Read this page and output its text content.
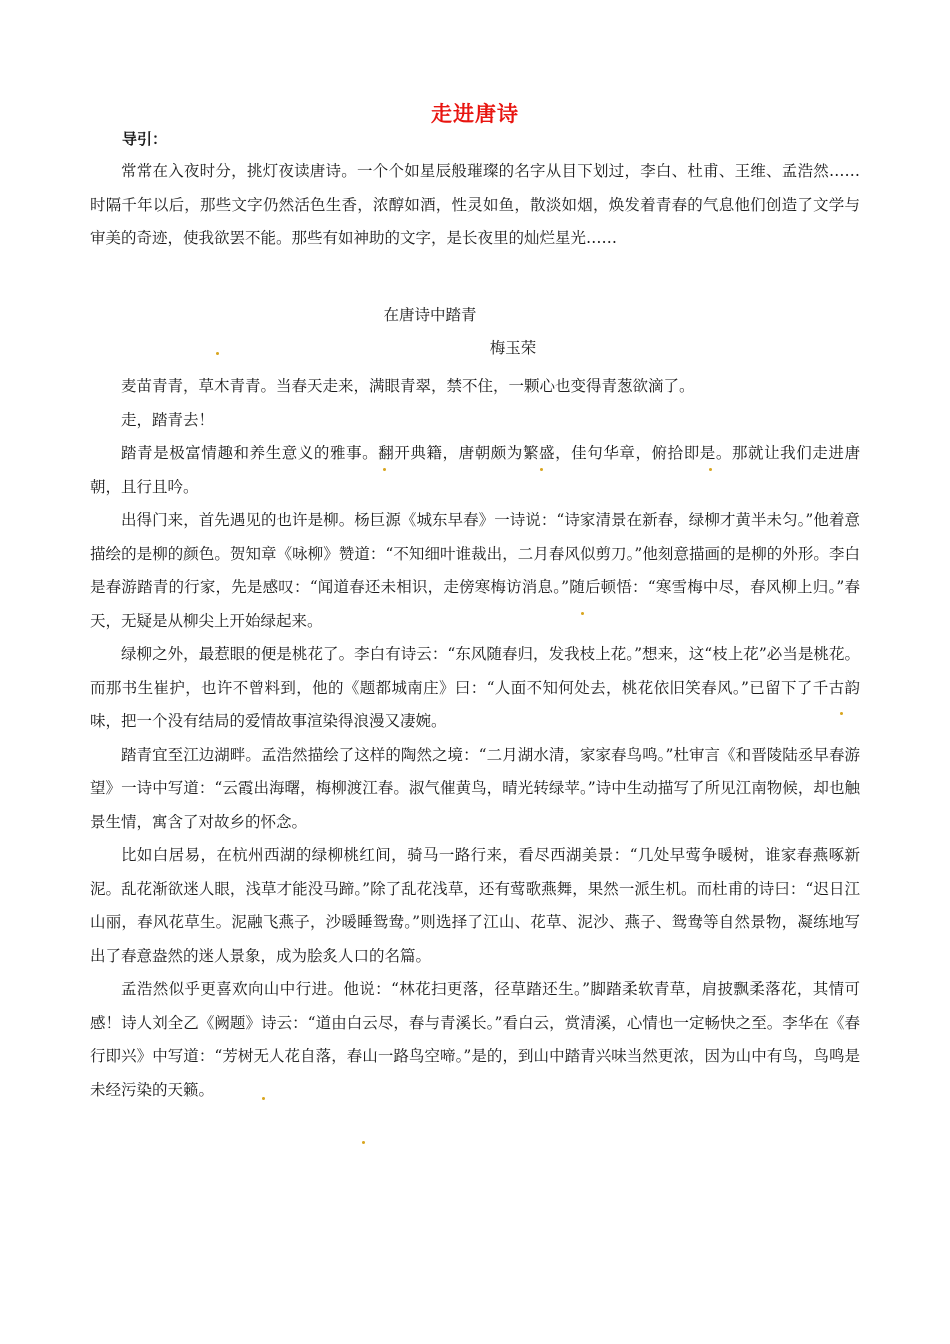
走进唐诗
导引：

常常在入夜时分，挑灯夜读唐诗。一个个如星辰般璀璨的名字从目下划过，李白、杜甫、王维、孟浩然……时隔千年以后，那些文字仍然活色生香，浓醇如酒，性灵如鱼，散淡如烟，焕发着青春的气息他们创造了文学与审美的奇迹，使我欲罢不能。那些有如神助的文字，是长夜里的灿烂星光……

在唐诗中踏青
梅玉荣

麦苗青青，草木青青。当春天走来，满眼青翠，禁不住，一颗心也变得青葱欲滴了。

走，踏青去！

踏青是极富情趣和养生意义的雅事。翻开典籍，唐朝颇为繁盛，佳句华章，俯拾即是。那就让我们走进唐朝，且行且吟。

出得门来，首先遇见的也许是柳。杨巨源《城东早春》一诗说：“诗家清景在新春，绿柳才黄半未匀。”他着意描绘的是柳的颜色。贺知章《咏柳》赞道：“不知细叶谁裁出，二月春风似剪刀。”他刻意描画的是柳的外形。李白是春游踏青的行家，先是感叹：“闻道春还未相识，走傍寒梅访消息。”随后顿悟：“寒雪梅中尽，春风柳上归。”春天，无疑是从柳尖上开始绿起来。

绿柳之外，最惹眼的便是桃花了。李白有诗云：“东风随春归，发我枝上花。”想来，这“枝上花”必当是桃花。而那书生崔护，也许不曾料到，他的《题都城南庄》曰：“人面不知何处去，桃花依旧笑春风。”已留下了千古韵味，把一个没有结局的爱情故事渲染得浪漫又凄婉。

踏青宜至江边湖畔。孟浩然描绘了这样的陶然之境：“二月湖水清，家家春鸟鸣。”杜审言《和晋陵陆丞早春游望》一诗中写道：“云霞出海曙，梅柳渡江春。淑气催黄鸟，晴光转绿苹。”诗中生动描写了所见江南物候，却也触景生情，寓含了对故乡的怀念。

比如白居易，在杭州西湖的绿柳桃红间，骑马一路行来，看尽西湖美景：“几处早莺争暖树，谁家春燕啄新泥。乱花渐欲迷人眼，浅草才能没马蹄。”除了乱花浅草，还有莺歌燕舞，果然一派生机。而杜甫的诗曰：“迟日江山丽，春风花草生。泥融飞燕子，沙暖睡鸳鸯。”则选择了江山、花草、泥沙、燕子、鸳鸯等自然景物，凝练地写出了春意盎然的迷人景象，成为脍炙人口的名篇。

孟浩然似乎更喜欢向山中行进。他说：“林花扫更落，径草踏还生。”脚踏柔软青草，肩披飘柔落花，其情可感！诗人刘全乙《阙题》诗云：“道由白云尽，春与青溪长。”看白云，赏清溪，心情也一定畅快之至。李华在《春行即兴》中写道：“芳树无人花自落，春山一路鸟空啼。”是的，到山中踏青兴味当然更浓，因为山中有鸟，鸟鸣是未经污染的天籁。
